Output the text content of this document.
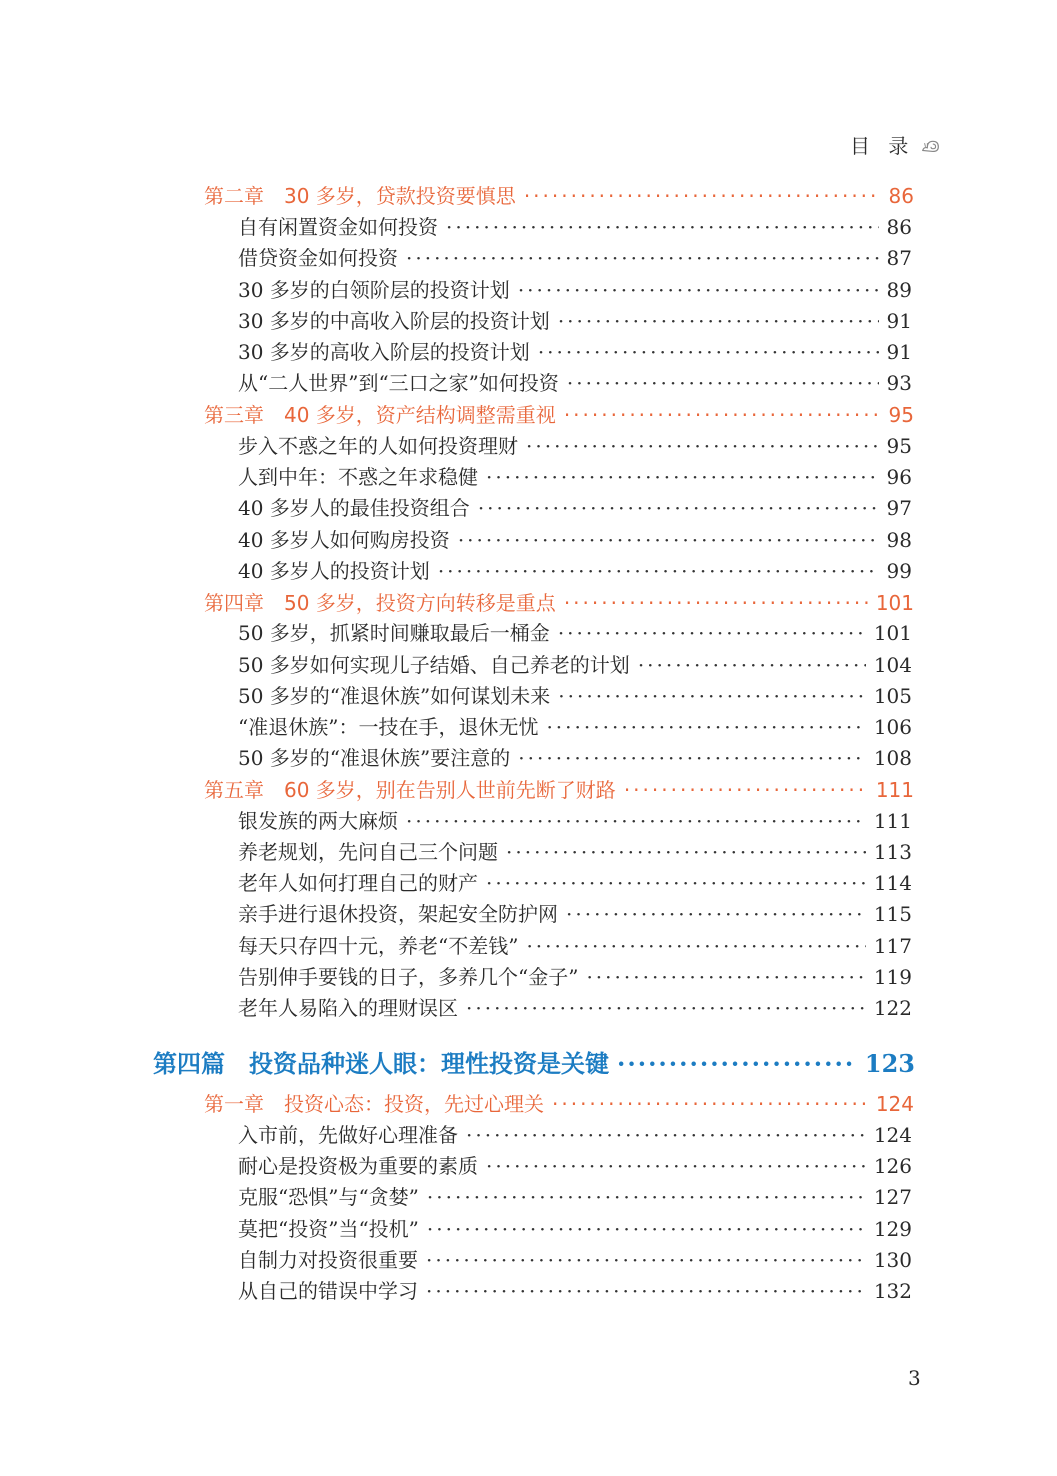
目 录
第二章　30 多岁，贷款投资要慎思 ·····	86
自有闲置资金如何投资 ·····	86
借贷资金如何投资 ·····	87
30 多岁的白领阶层的投资计划 ·····	89
30 多岁的中高收入阶层的投资计划 ·····	91
30 多岁的高收入阶层的投资计划 ·····	91
从“二人世界”到“三口之家”如何投资 ·····	93
第三章　40 多岁，资产结构调整需重视 ·····	95
步入不惑之年的人如何投资理财 ·····	95
人到中年：不惑之年求稳健 ·····	96
40 多岁人的最佳投资组合 ·····	97
40 多岁人如何购房投资 ·····	98
40 多岁人的投资计划 ·····	99
第四章　50 多岁，投资方向转移是重点 ·····	101
50 多岁，抓紧时间赚取最后一桶金 ·····	101
50 多岁如何实现儿子结婚、自己养老的计划 ·····	104
50 多岁的“准退休族”如何谋划未来 ·····	105
“准退休族”：一技在手，退休无忧 ·····	106
50 多岁的“准退休族”要注意的 ·····	108
第五章　60 多岁，别在告别人世前先断了财路 ·····	111
银发族的两大麻烦 ·····	111
养老规划，先问自己三个问题 ·····	113
老年人如何打理自己的财产 ·····	114
亲手进行退休投资，架起安全防护网 ·····	115
每天只存四十元，养老“不差钱” ·····	117
告别伸手要钱的日子，多养几个“金子” ·····	119
老年人易陷入的理财误区 ·····	122
第四篇　投资品种迷人眼：理性投资是关键 ·····	123
第一章　投资心态：投资，先过心理关 ·····	124
入市前，先做好心理准备 ·····	124
耐心是投资极为重要的素质 ·····	126
克服“恐惧”与“贪婪” ·····	127
莫把“投资”当“投机” ·····	129
自制力对投资很重要 ·····	130
从自己的错误中学习 ·····	132
3
